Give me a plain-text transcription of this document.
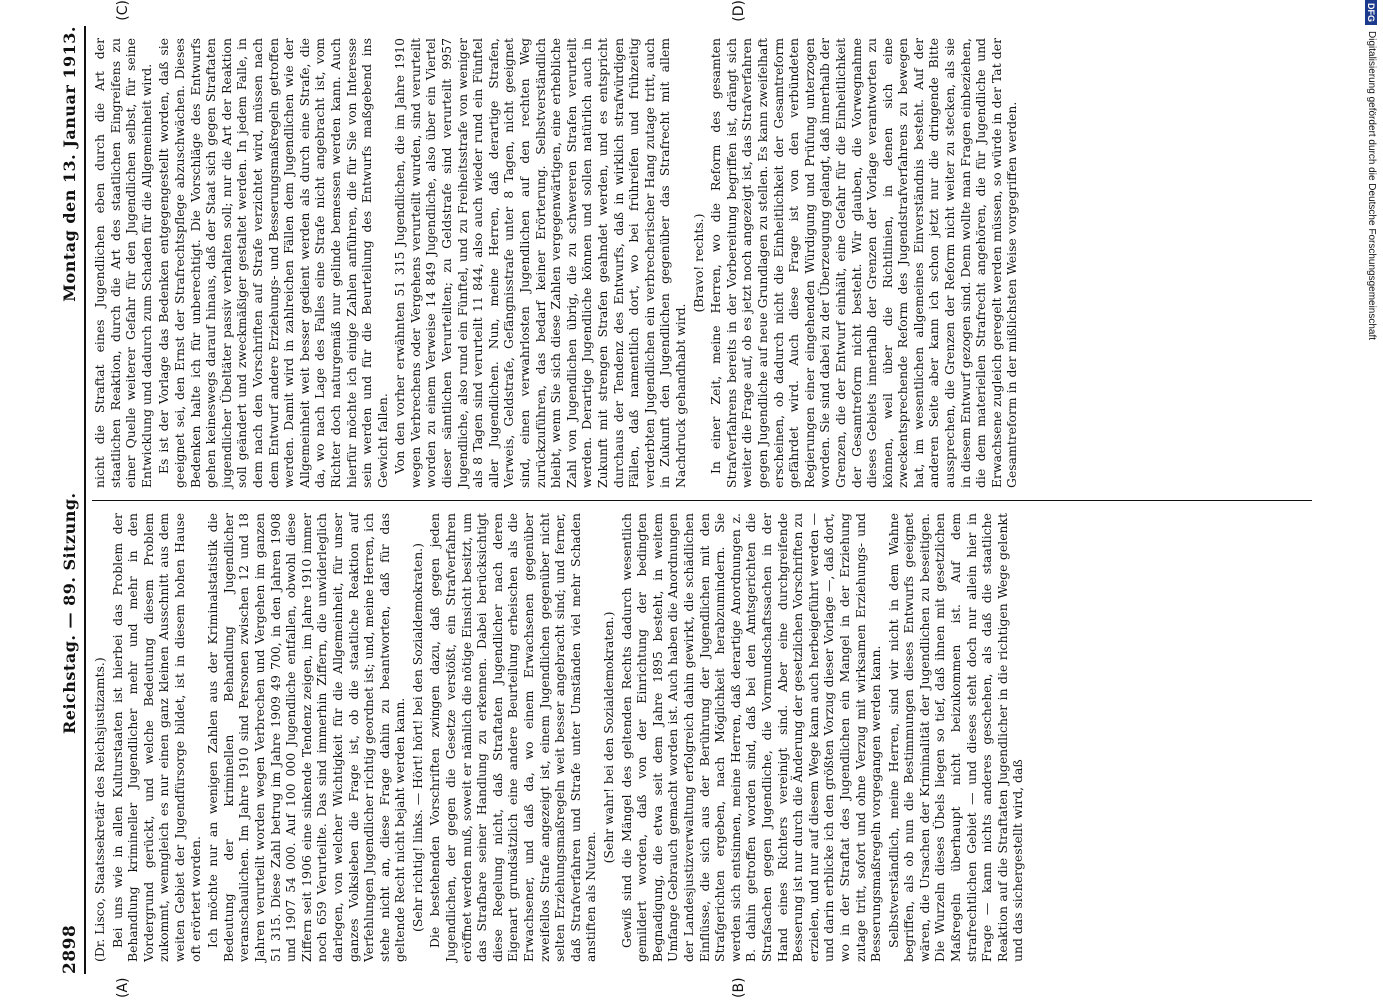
2898
Reichstag. — 89. Sitzung.
Montag den 13. Januar 1913.
(A)	(B)

(Dr. Lisco, Staatssekretär des Reichsjustizamts.) Bei uns wie in allen Kulturstaaten ist hierbei das Problem der Behandlung krimineller Jugendlicher mehr und mehr in den Vordergrund gerückt, und welche Bedeutung diesem Problem zukommt, wenngleich es nur einen ganz kleinen Ausschnitt aus dem weiten Gebiet der Jugendfürsorge bildet, ist in diesem hohen Hause oft erörtert worden. Ich möchte nur an wenigen Zahlen aus der Kriminalstatistik die Bedeutung der kriminellen Behandlung Jugendlicher veranschaulichen. Im Jahre 1910 sind Personen zwischen 12 und 18 Jahren verurteilt worden wegen Verbrechen und Vergehen im ganzen 51 315. Diese Zahl betrug im Jahre 1909 49 700, in den Jahren 1908 und 1907 54 000. Auf 100 000 Jugendliche entfallen, obwohl diese Ziffern seit 1906 eine sinkende Tendenz zeigen, im Jahre 1910 immer noch 659 Verurteilte. Das sind immerhin Ziffern, die unwiderleglich darlegen, von welcher Wichtigkeit für die Allgemeinheit, für unser ganzes Volksleben die Frage ist, ob die staatliche Reaktion auf Verfehlungen Jugendlicher richtig geordnet ist; und, meine Herren, ich stehe nicht an, diese Frage dahin zu beantworten, daß für das geltende Recht nicht bejaht werden kann. (Sehr richtig! links. — Hört! hört! bei den Sozialdemokraten.) Die bestehenden Vorschriften zwingen dazu, daß gegen jeden Jugendlichen, der gegen die Gesetze verstößt, ein Strafverfahren eröffnet werden muß, soweit er nämlich die nötige Einsicht besitzt, um das Strafbare seiner Handlung zu erkennen. Dabei berücksichtigt diese Regelung nicht, daß Straftaten Jugendlicher nach deren Eigenart grundsätzlich eine andere Beurteilung erheischen als die Erwachsener, und daß da, wo einem Erwachsenen gegenüber zweifellos Strafe angezeigt ist, einem Jugendlichen gegenüber nicht selten Erziehungsmaßregeln weit besser angebracht sind; und ferner, daß Strafverfahren und Strafe unter Umständen viel mehr Schaden anstiften als Nutzen.

(Sehr wahr! bei den Sozialdemokraten.) Gewiß sind die Mängel des geltenden Rechts dadurch wesentlich gemildert worden, daß von der Einrichtung der bedingten Begnadigung, die etwa seit dem Jahre 1895 besteht, in weitem Umfange Gebrauch gemacht worden ist. Auch haben die Anordnungen der Landesjustizverwaltung erfolgreich dahin gewirkt, die schädlichen Einflüsse, die sich aus der Berührung der Jugendlichen mit den Strafgerichten ergeben, nach Möglichkeit herabzumindern. Sie werden sich entsinnen, meine Herren, daß derartige Anordnungen z. B. dahin getroffen worden sind, daß bei den Amtsgerichten die Strafsachen gegen Jugendliche, die Vormundschaftssachen in der Hand eines Richters vereinigt sind. Aber eine durchgreifende Besserung ist nur durch die Änderung der gesetzlichen Vorschriften zu erzielen, und nur auf diesem Wege kann auch herbeigeführt werden — und darin erblicke ich den größten Vorzug dieser Vorlage —, daß dort, wo in der Straftat des Jugendlichen ein Mangel in der Erziehung zutage tritt, sofort und ohne Verzug mit wirksamen Erziehungs- und Besserungsmaßregeln vorgegangen werden kann. Selbstverständlich, meine Herren, sind wir nicht in dem Wahne begriffen, als ob nun die Bestimmungen dieses Entwurfs geeignet wären, die Ursachen der Kriminalität der Jugendlichen zu beseitigen. Die Wurzeln dieses Übels liegen so tief, daß ihnen mit gesetzlichen Maßregeln überhaupt nicht beizukommen ist. Auf dem strafrechtlichen Gebiet — und dieses steht doch nur allein hier in Frage — kann nichts anderes geschehen, als daß die staatliche Reaktion auf die Straftaten Jugendlicher in die richtigen Wege gelenkt und das sichergestellt wird, daß

(C)	(D)

nicht die Straftat eines Jugendlichen eben durch die Art der staatlichen Reaktion, durch die Art des staatlichen Eingreifens zu einer Quelle weiterer Gefahr für den Jugendlichen selbst, für seine Entwicklung und dadurch zum Schaden für die Allgemeinheit wird. Es ist der Vorlage das Bedenken entgegengestellt worden, daß sie geeignet sei, den Ernst der Strafrechtspflege abzuschwächen. Dieses Bedenken halte ich für unberechtigt. Die Vorschläge des Entwurfs gehen keineswegs darauf hinaus, daß der Staat sich gegen Straftaten jugendlicher Übeltäter passiv verhalten soll; nur die Art der Reaktion soll geändert und zweckmäßiger gestaltet werden. In jedem Falle, in dem nach den Vorschriften auf Strafe verzichtet wird, müssen nach dem Entwurf andere Erziehungs- und Besserungsmaßregeln getroffen werden. Damit wird in zahlreichen Fällen dem Jugendlichen wie der Allgemeinheit weit besser gedient werden als durch eine Strafe, die da, wo nach Lage des Falles eine Strafe nicht angebracht ist, vom Richter doch naturgemäß nur gelinde bemessen werden kann. Auch hierfür möchte ich einige Zahlen anführen, die für Sie von Interesse sein werden und für die Beurteilung des Entwurfs maßgebend ins Gewicht fallen. Von den vorher erwähnten 51 315 Jugendlichen, die im Jahre 1910 wegen Verbrechens oder Vergehens verurteilt wurden, sind verurteilt worden zu einem Verweise 14 849 Jugendliche, also über ein Viertel dieser sämtlichen Verurteilten; zu Geldstrafe sind verurteilt 9957 Jugendliche, also rund ein Fünftel, und zu Freiheitsstrafe von weniger als 8 Tagen sind verurteilt 11 844, also auch wieder rund ein Fünftel aller Jugendlichen. Nun, meine Herren, daß derartige Strafen, Verweis, Geldstrafe, Gefängnisstrafe unter 8 Tagen, nicht geeignet sind, einen verwahrlosten Jugendlichen auf den rechten Weg zurückzuführen, das bedarf keiner Erörterung. Selbstverständlich bleibt, wenn Sie sich diese Zahlen vergegenwärtigen, eine erhebliche Zahl von Jugendlichen übrig, die zu schwereren Strafen verurteilt werden. Derartige Jugendliche können und sollen natürlich auch in Zukunft mit strengen Strafen geahndet werden, und es entspricht durchaus der Tendenz des Entwurfs, daß in wirklich strafwürdigen Fällen, daß namentlich dort, wo bei frühreifen und frühzeitig verderbten Jugendlichen ein verbrecherischer Hang zutage tritt, auch in Zukunft den Jugendlichen gegenüber das Strafrecht mit allem Nachdruck gehandhabt wird.

(Bravo! rechts.) In einer Zeit, meine Herren, wo die Reform des gesamten Strafverfahrens bereits in der Vorbereitung begriffen ist, drängt sich weiter die Frage auf, ob es jetzt noch angezeigt ist, das Strafverfahren gegen Jugendliche auf neue Grundlagen zu stellen. Es kann zweifelhaft erscheinen, ob dadurch nicht die Einheitlichkeit der Gesamtreform gefährdet wird. Auch diese Frage ist von den verbündeten Regierungen einer eingehenden Würdigung und Prüfung unterzogen worden. Sie sind dabei zu der Überzeugung gelangt, daß innerhalb der Grenzen, die der Entwurf einhält, eine Gefahr für die Einheitlichkeit der Gesamtreform nicht besteht. Wir glauben, die Vorwegnahme dieses Gebiets innerhalb der Grenzen der Vorlage verantworten zu können, weil über die Richtlinien, in denen sich eine zweckentsprechende Reform des Jugendstrafverfahrens zu bewegen hat, im wesentlichen allgemeines Einverständnis besteht. Auf der anderen Seite aber kann ich schon jetzt nur die dringende Bitte aussprechen, die Grenzen der Reform nicht weiter zu stecken, als sie in diesem Entwurf gezogen sind. Denn wollte man Fragen einbeziehen, die dem materiellen Strafrecht angehören, die für Jugendliche und Erwachsene zugleich geregelt werden müssen, so würde in der Tat der Gesamtreform in der mißlichsten Weise vorgegriffen werden.

DFG
Digitalisierung gefördert durch die Deutsche Forschungsgemeinschaft
